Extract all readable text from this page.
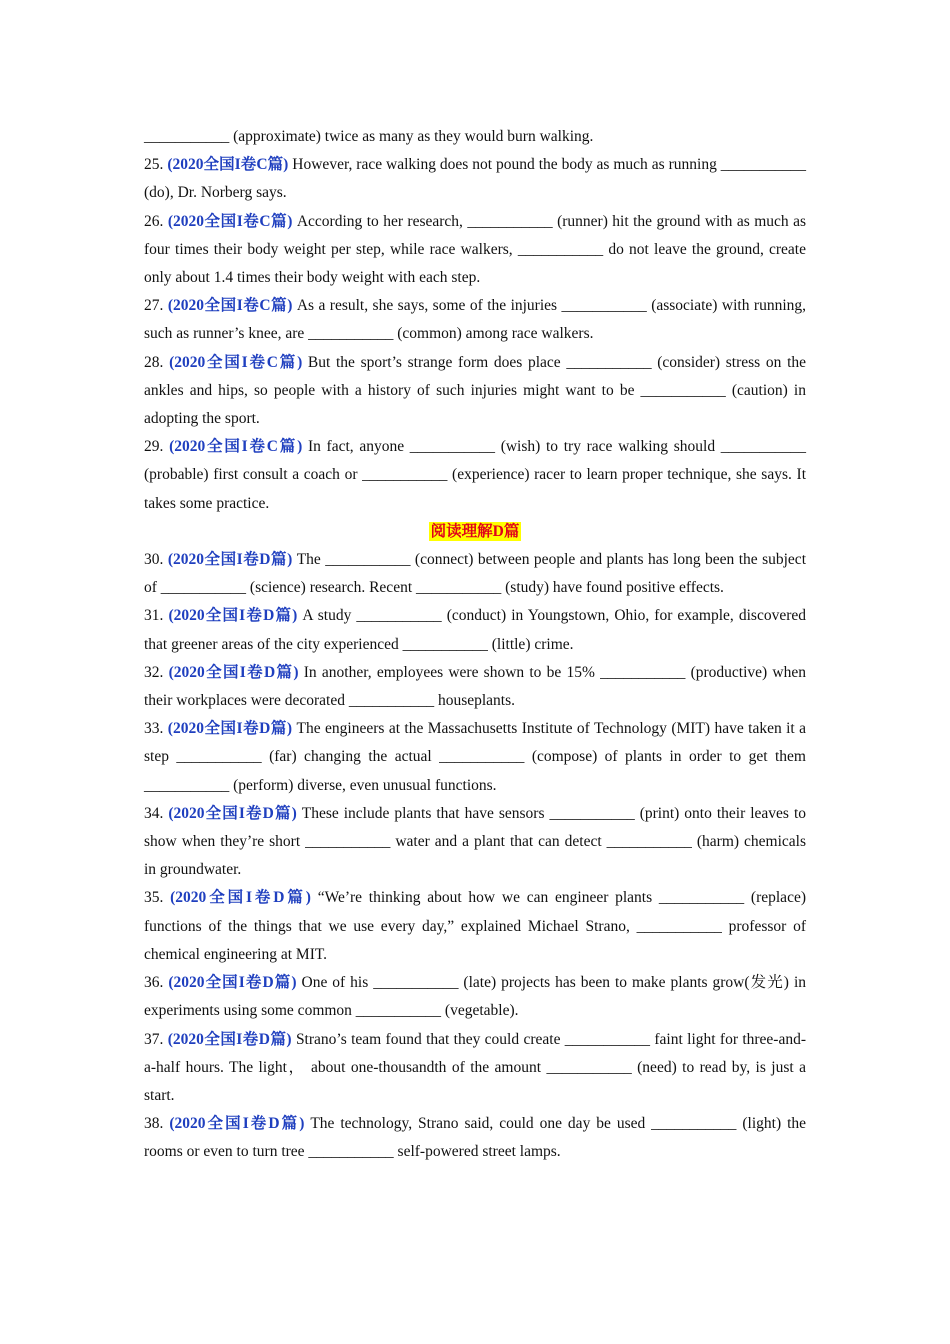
___________ (approximate) twice as many as they would burn walking.

25. (2020全国I卷C篇) However, race walking does not pound the body as much as running ___________ (do), Dr. Norberg says.

26. (2020全国I卷C篇) According to her research, ___________ (runner) hit the ground with as much as four times their body weight per step, while race walkers, ___________ do not leave the ground, create only about 1.4 times their body weight with each step.

27. (2020全国I卷C篇) As a result, she says, some of the injuries ___________ (associate) with running, such as runner’s knee, are ___________ (common) among race walkers.

28. (2020全国I卷C篇) But the sport’s strange form does place ___________ (consider) stress on the ankles and hips, so people with a history of such injuries might want to be ___________ (caution) in adopting the sport.

29. (2020全国I卷C篇) In fact, anyone ___________ (wish) to try race walking should ___________ (probable) first consult a coach or ___________ (experience) racer to learn proper technique, she says. It takes some practice.

阅读理解D篇

30. (2020全国I卷D篇) The ___________ (connect) between people and plants has long been the subject of ___________ (science) research. Recent ___________ (study) have found positive effects.

31. (2020全国I卷D篇) A study ___________ (conduct) in Youngstown, Ohio, for example, discovered that greener areas of the city experienced ___________ (little) crime.

32. (2020全国I卷D篇) In another, employees were shown to be 15% ___________ (productive) when their workplaces were decorated ___________ houseplants.

33. (2020全国I卷D篇) The engineers at the Massachusetts Institute of Technology (MIT) have taken it a step ___________ (far) changing the actual ___________ (compose) of plants in order to get them ___________ (perform) diverse, even unusual functions.

34. (2020全国I卷D篇) These include plants that have sensors ___________ (print) onto their leaves to show when they’re short ___________ water and a plant that can detect ___________ (harm) chemicals in groundwater.

35. (2020全国I卷D篇) “We’re thinking about how we can engineer plants ___________ (replace) functions of the things that we use every day,” explained Michael Strano, ___________ professor of chemical engineering at MIT.

36. (2020全国I卷D篇) One of his ___________ (late) projects has been to make plants grow(发光) in experiments using some common ___________ (vegetable).

37. (2020全国I卷D篇) Strano’s team found that they could create ___________ faint light for three-and-a-half hours. The light， about one-thousandth of the amount ___________ (need) to read by, is just a start.

38. (2020全国I卷D篇) The technology, Strano said, could one day be used ___________ (light) the rooms or even to turn tree ___________ self-powered street lamps.
